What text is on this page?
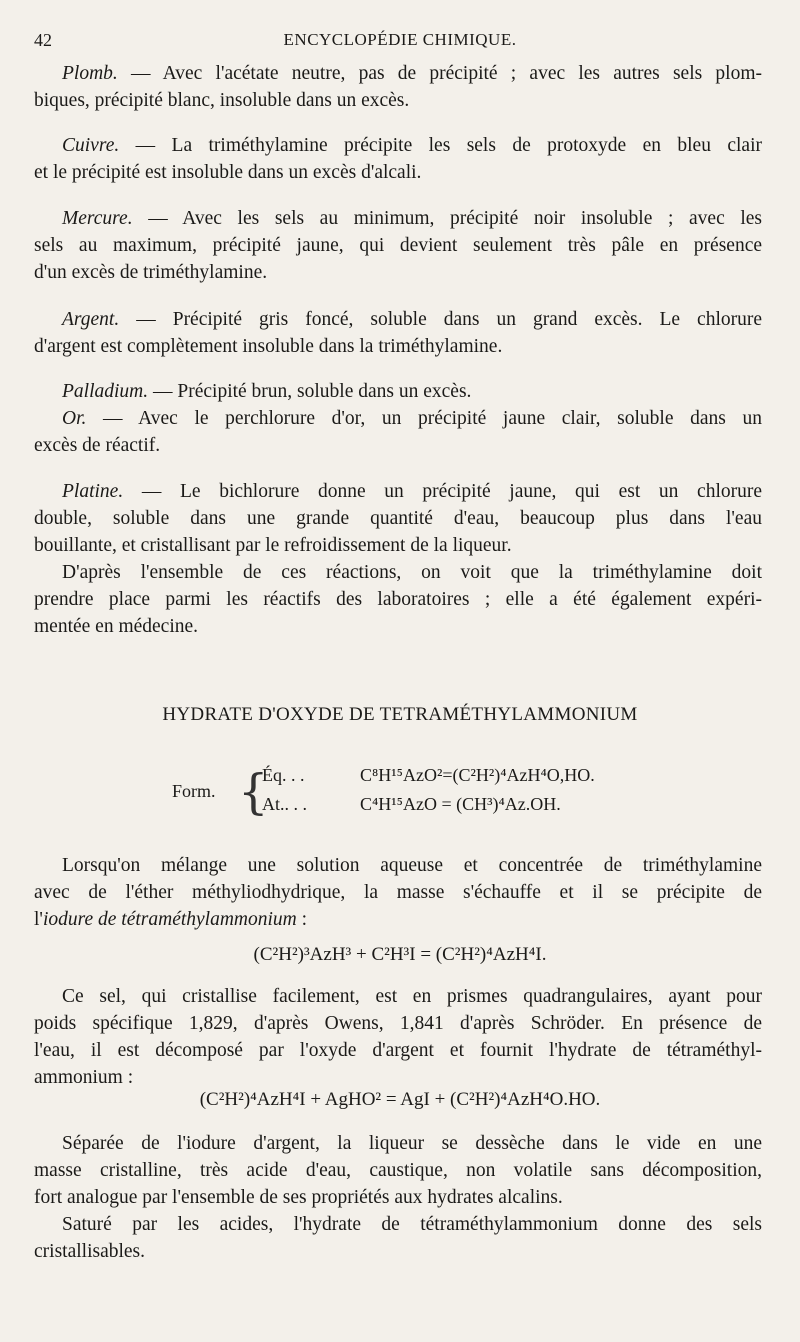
42	ENCYCLOPÉDIE CHIMIQUE.
Plomb. — Avec l'acétate neutre, pas de précipité ; avec les autres sels plom-
biques, précipité blanc, insoluble dans un excès.
Cuivre. — La triméthylamine précipite les sels de protoxyde en bleu clair
et le précipité est insoluble dans un excès d'alcali.
Mercure. — Avec les sels au minimum, précipité noir insoluble ; avec les
sels au maximum, précipité jaune, qui devient seulement très pâle en présence
d'un excès de triméthylamine.
Argent. — Précipité gris foncé, soluble dans un grand excès. Le chlorure
d'argent est complètement insoluble dans la triméthylamine.
Palladium. — Précipité brun, soluble dans un excès.
Or. — Avec le perchlorure d'or, un précipité jaune clair, soluble dans un
excès de réactif.
Platine. — Le bichlorure donne un précipité jaune, qui est un chlorure
double, soluble dans une grande quantité d'eau, beaucoup plus dans l'eau
bouillante, et cristallisant par le refroidissement de la liqueur.
D'après l'ensemble de ces réactions, on voit que la triméthylamine doit
prendre place parmi les réactifs des laboratoires ; elle a été également expéri-
mentée en médecine.
HYDRATE D'OXYDE DE TETRAMÉTHYLAMMONIUM
Form. {
Éq. . .	C⁸H¹⁵AzO²=(C²H²)⁴AzH⁴O,HO.
At.. . .	C⁴H¹⁵AzO = (CH³)⁴Az.OH.
Lorsqu'on mélange une solution aqueuse et concentrée de triméthylamine
avec de l'éther méthyliodhydrique, la masse s'échauffe et il se précipite de
l'iodure de tétraméthylammonium :
(C²H²)³AzH³ + C²H³I = (C²H²)⁴AzH⁴I.
Ce sel, qui cristallise facilement, est en prismes quadrangulaires, ayant pour
poids spécifique 1,829, d'après Owens, 1,841 d'après Schröder. En présence de
l'eau, il est décomposé par l'oxyde d'argent et fournit l'hydrate de tétraméthyl-
ammonium :
(C²H²)⁴AzH⁴I + AgHO² = AgI + (C²H²)⁴AzH⁴O.HO.
Séparée de l'iodure d'argent, la liqueur se dessèche dans le vide en une
masse cristalline, très acide d'eau, caustique, non volatile sans décomposition,
fort analogue par l'ensemble de ses propriétés aux hydrates alcalins.
Saturé par les acides, l'hydrate de tétraméthylammonium donne des sels
cristallisables.
